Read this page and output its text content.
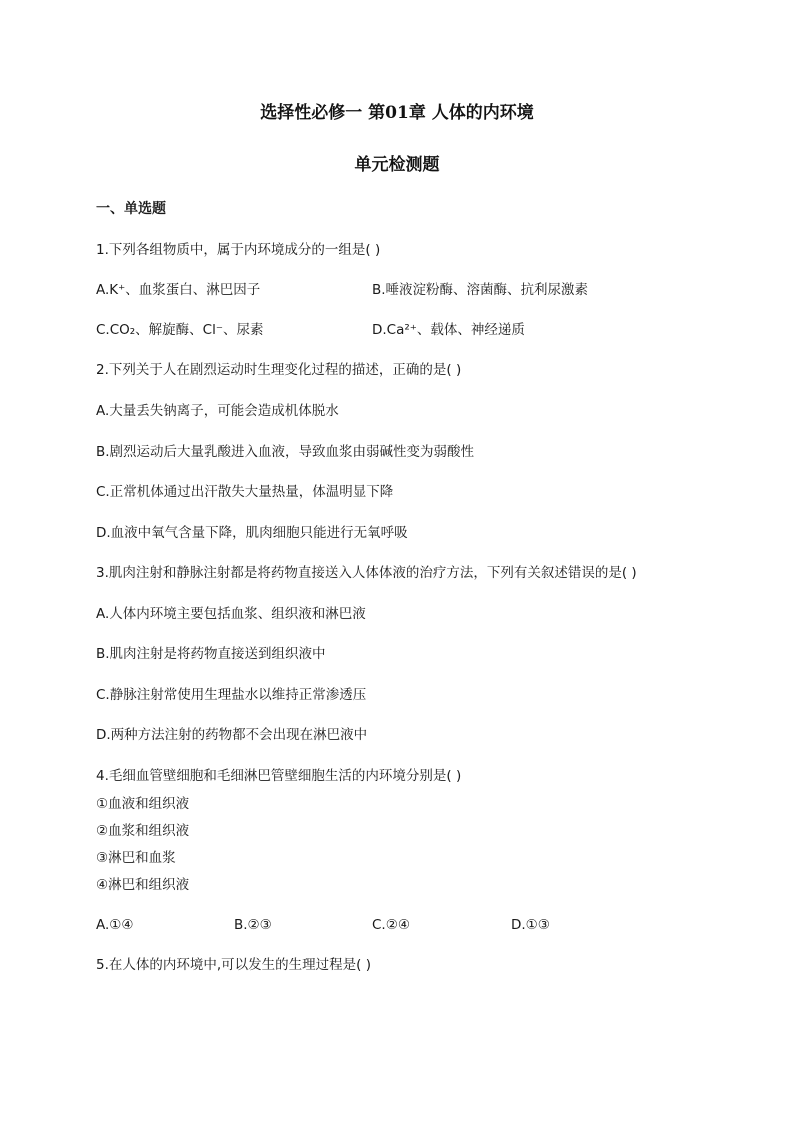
选择性必修一 第01章 人体的内环境
单元检测题
一、单选题
1.下列各组物质中，属于内环境成分的一组是( )
A.K⁺、血浆蛋白、淋巴因子	B.唾液淀粉酶、溶菌酶、抗利尿激素
C.CO₂、解旋酶、Cl⁻、尿素	D.Ca²⁺、载体、神经递质
2.下列关于人在剧烈运动时生理变化过程的描述，正确的是( )
A.大量丢失钠离子，可能会造成机体脱水
B.剧烈运动后大量乳酸进入血液，导致血浆由弱碱性变为弱酸性
C.正常机体通过出汗散失大量热量，体温明显下降
D.血液中氧气含量下降，肌肉细胞只能进行无氧呼吸
3.肌肉注射和静脉注射都是将药物直接送入人体体液的治疗方法，下列有关叙述错误的是( )
A.人体内环境主要包括血浆、组织液和淋巴液
B.肌肉注射是将药物直接送到组织液中
C.静脉注射常使用生理盐水以维持正常渗透压
D.两种方法注射的药物都不会出现在淋巴液中
4.毛细血管壁细胞和毛细淋巴管壁细胞生活的内环境分别是( )
①血液和组织液
②血浆和组织液
③淋巴和血浆
④淋巴和组织液
A.①④	B.②③	C.②④	D.①③
5.在人体的内环境中,可以发生的生理过程是( )
